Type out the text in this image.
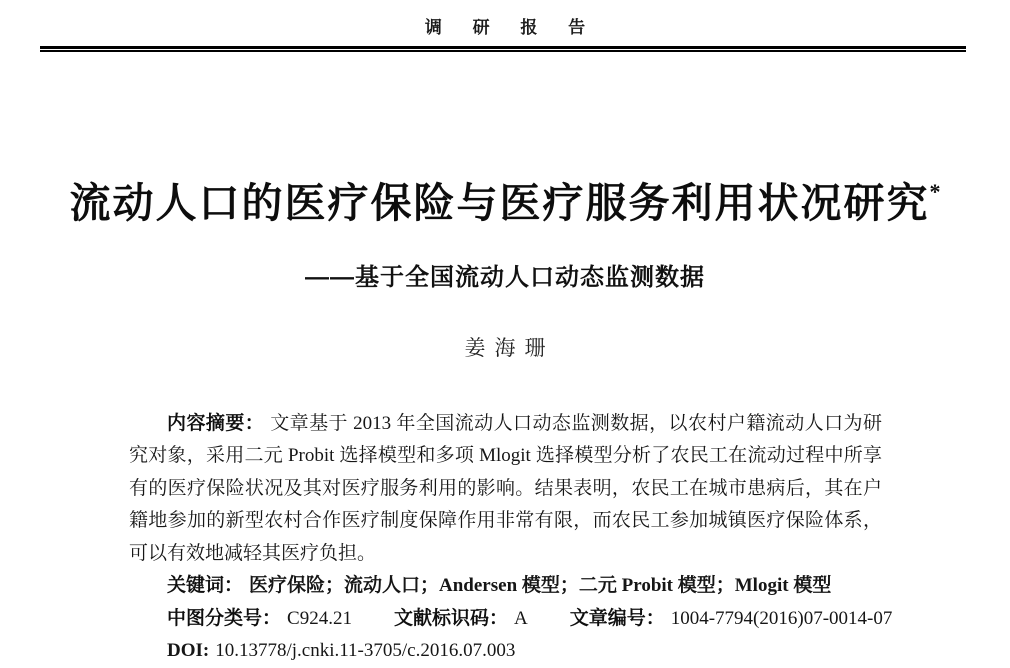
调 研 报 告
流动人口的医疗保险与医疗服务利用状况研究*
——基于全国流动人口动态监测数据
姜海珊

内容摘要： 文章基于 2013 年全国流动人口动态监测数据，以农村户籍流动人口为研究对象，采用二元 Probit 选择模型和多项 Mlogit 选择模型分析了农民工在流动过程中所享有的医疗保险状况及其对医疗服务利用的影响。结果表明，农民工在城市患病后，其在户籍地参加的新型农村合作医疗制度保障作用非常有限，而农民工参加城镇医疗保险体系，可以有效地减轻其医疗负担。

关键词： 医疗保险；流动人口；Andersen 模型；二元 Probit 模型；Mlogit 模型

中图分类号： C924.21 文献标识码： A 文章编号： 1004-7794(2016)07-0014-07

DOI: 10.13778/j.cnki.11-3705/c.2016.07.003
